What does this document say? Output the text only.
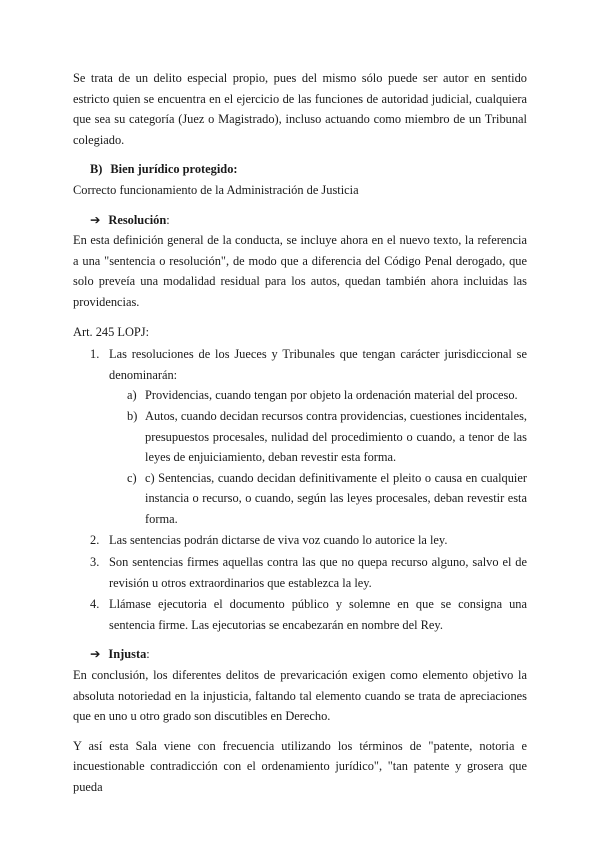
Se trata de un delito especial propio, pues del mismo sólo puede ser autor en sentido estricto quien se encuentra en el ejercicio de las funciones de autoridad judicial, cualquiera que sea su categoría (Juez o Magistrado), incluso actuando como miembro de un Tribunal colegiado.

B) Bien jurídico protegido:

Correcto funcionamiento de la Administración de Justicia

➔ Resolución:

En esta definición general de la conducta, se incluye ahora en el nuevo texto, la referencia a una "sentencia o resolución", de modo que a diferencia del Código Penal derogado, que solo preveía una modalidad residual para los autos, quedan también ahora incluidas las providencias.

Art. 245 LOPJ:

1. Las resoluciones de los Jueces y Tribunales que tengan carácter jurisdiccional se denominarán:
a) Providencias, cuando tengan por objeto la ordenación material del proceso.
b) Autos, cuando decidan recursos contra providencias, cuestiones incidentales, presupuestos procesales, nulidad del procedimiento o cuando, a tenor de las leyes de enjuiciamiento, deban revestir esta forma.
c) c) Sentencias, cuando decidan definitivamente el pleito o causa en cualquier instancia o recurso, o cuando, según las leyes procesales, deban revestir esta forma.
2. Las sentencias podrán dictarse de viva voz cuando lo autorice la ley.
3. Son sentencias firmes aquellas contra las que no quepa recurso alguno, salvo el de revisión u otros extraordinarios que establezca la ley.
4. Llámase ejecutoria el documento público y solemne en que se consigna una sentencia firme. Las ejecutorias se encabezarán en nombre del Rey.

➔ Injusta:

En conclusión, los diferentes delitos de prevaricación exigen como elemento objetivo la absoluta notoriedad en la injusticia, faltando tal elemento cuando se trata de apreciaciones que en uno u otro grado son discutibles en Derecho.

Y así esta Sala viene con frecuencia utilizando los términos de "patente, notoria e incuestionable contradicción con el ordenamiento jurídico", "tan patente y grosera que pueda
